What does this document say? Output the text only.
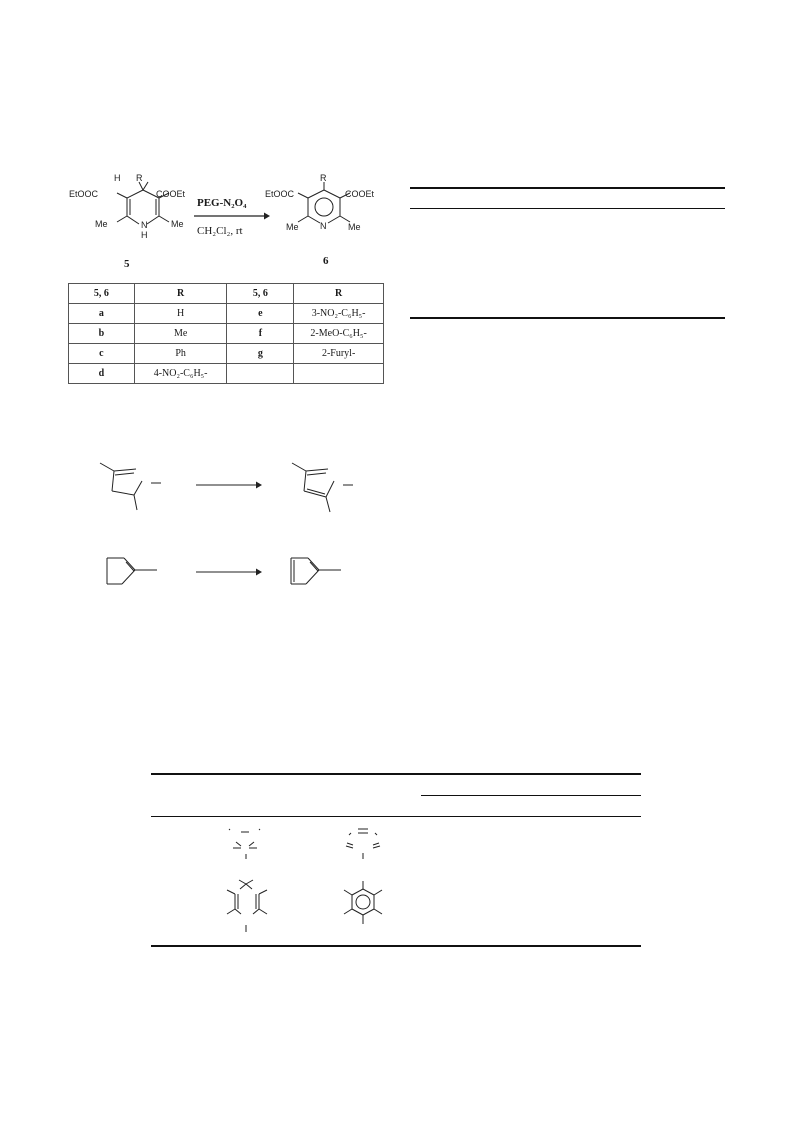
EtOOC	COOEt
H R
Me	N
H
Me
5
PEG-N₂O₄
CH₂Cl₂, rt
EtOOC	COOEt
R
Me N Me
6
5, 6	R	5, 6	R
a	H	e	3-NO₂-C₆H₅-
b	Me	f	2-MeO-C₆H₅-
c	Ph	g	2-Furyl-
d	4-NO₂-C₆H₅-		
